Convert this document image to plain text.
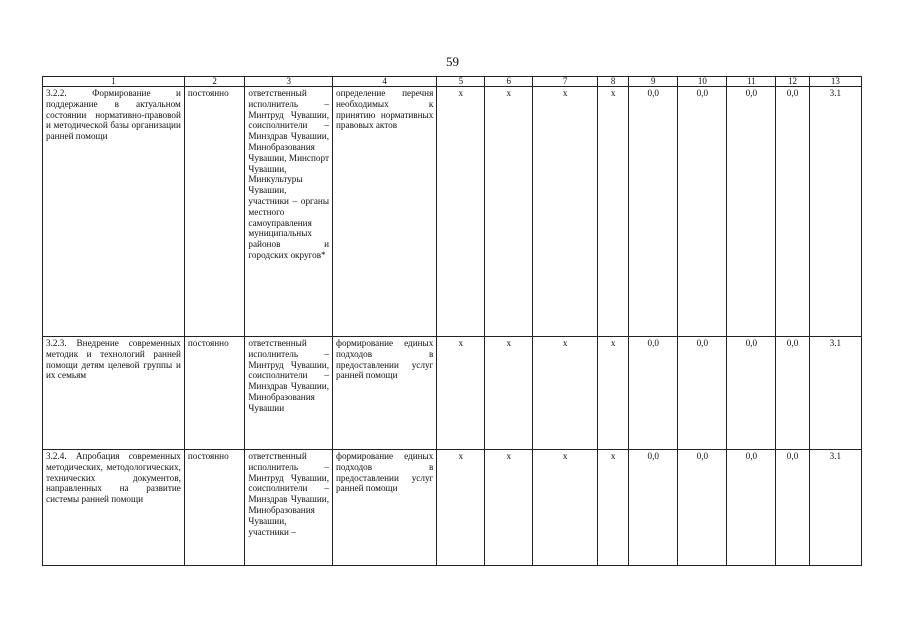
59
1	2	3	4	5	6	7	8	9	10	11	12	13
3.2.2. Формирование и поддержание в актуальном состоянии нормативно-правовой и методической базы организации ранней помощи	постоянно	ответственный исполнитель – Минтруд Чувашии, соисполнители – Минздрав Чувашии, Минобразования Чувашии, Минспорт Чувашии, Минкультуры Чувашии, участники – органы местного самоуправления муниципальных районов и городских округов*	определение перечня необходимых к принятию нормативных правовых актов	х	х	х	х	0,0	0,0	0,0	0,0	3.1
3.2.3. Внедрение современных методик и технологий ранней помощи детям целевой группы и их семьям	постоянно	ответственный исполнитель – Минтруд Чувашии, соисполнители – Минздрав Чувашии, Минобразования Чувашии	формирование единых подходов в предоставлении услуг ранней помощи	х	х	х	х	0,0	0,0	0,0	0,0	3.1
3.2.4. Апробация современных методических, методологических, технических документов, направленных на развитие системы ранней помощи	постоянно	ответственный исполнитель – Минтруд Чувашии, соисполнители – Минздрав Чувашии, Минобразования Чувашии, участники –	формирование единых подходов в предоставлении услуг ранней помощи	х	х	х	х	0,0	0,0	0,0	0,0	3.1
